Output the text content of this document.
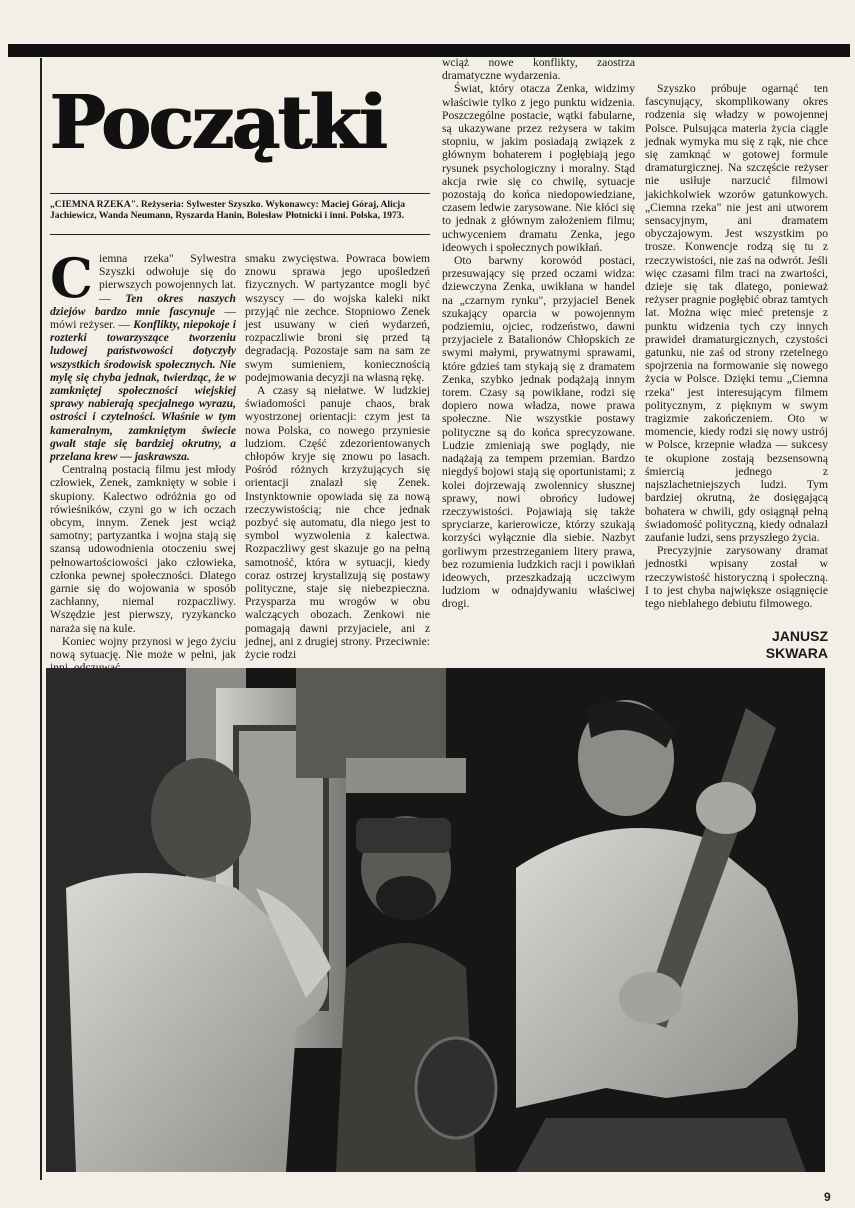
Początki
„CIEMNA RZEKA". Reżyseria: Sylwester Szyszko. Wykonawcy: Maciej Góraj, Alicja Jachiewicz, Wanda Neumann, Ryszarda Hanin, Bolesław Płotnicki i inni. Polska, 1973.

Ciemna rzeka" Sylwestra Szyszki odwołuje się do pierwszych powojennych lat. — Ten okres naszych dziejów bardzo mnie fascynuje — mówi reżyser. — Konflikty, niepokoje i rozterki towarzyszące tworzeniu ludowej państwowości dotyczyły wszystkich środowisk społecznych. Nie mylę się chyba jednak, twierdząc, że w zamkniętej społeczności wiejskiej sprawy nabierają specjalnego wyrazu, ostrości i czytelności. Właśnie w tym kameralnym, zamkniętym świecie gwałt staje się bardziej okrutny, a przelana krew — jaskrawsza.

Centralną postacią filmu jest młody człowiek, Zenek, zamknięty w sobie i skupiony. Kalectwo odróżnia go od rówieśników, czyni go w ich oczach obcym, innym. Zenek jest wciąż samotny; partyzantka i wojna stają się szansą udowodnienia otoczeniu swej pełnowartościowości jako człowieka, członka pewnej społeczności. Dlatego garnie się do wojowania w sposób zachłanny, niemal rozpaczliwy. Wszędzie jest pierwszy, ryzykancko naraża się na kule.

Koniec wojny przynosi w jego życiu nową sytuację. Nie może w pełni, jak

smaku zwycięstwa. Powraca bowiem znowu sprawa jego upośledzeń fizycznych. W partyzantce mogli być wszyscy — do wojska kaleki nikt przyjąć nie zechce. Stopniowo Zenek jest usuwany w cień wydarzeń, rozpaczliwie broni się przed tą degradacją. Pozostaje sam na sam ze swym sumieniem, koniecznością podejmowania decyzji na własną rękę.

A czasy są niełatwe. W ludzkiej świadomości panuje chaos, brak wyostrzonej orientacji: czym jest ta nowa Polska, co nowego przyniesie ludziom. Część zdezorientowanych chłopów kryje się znowu po lasach. Pośród różnych krzyżujących się orientacji znalazł się Zenek. Instynktownie opowiada się za nową rzeczywistością; nie chce jednak pozbyć się automatu, dla niego jest to symbol wyzwolenia z kalectwa. Rozpaczliwy gest skazuje go na pełną samotność, która w sytuacji, kiedy coraz ostrzej krystalizują się postawy polityczne, staje się niebezpieczna. Przysparza mu wrogów w obu walczących obozach. Zenkowi nie pomagają dawni przyjaciele, ani z jednej, ani z drugiej strony. Przeciwnie: życie rodzi

wciąż nowe konflikty, zaostrza dramatyczne wydarzenia.

Świat, który otacza Zenka, widzimy właściwie tylko z jego punktu widzenia. Poszczególne postacie, wątki fabularne, są ukazywane przez reżysera w takim stopniu, w jakim posiadają związek z głównym bohaterem i pogłębiają jego rysunek psychologiczny i moralny. Stąd akcja rwie się co chwilę, sytuacje pozostają do końca niedopowiedziane, czasem ledwie zarysowane. Nie kłóci się to jednak z głównym założeniem filmu; uchwyceniem dramatu Zenka, jego ideowych i społecznych powikłań.

Oto barwny korowód postaci, przesuwający się przed oczami widza: dziewczyna Zenka, uwikłana w handel na „czarnym rynku", przyjaciel Benek szukający oparcia w powojennym podziemiu, ojciec, rodzeństwo, dawni przyjaciele z Batalionów Chłopskich ze swymi małymi, prywatnymi sprawami, które gdzieś tam stykają się z dramatem Zenka, szybko jednak podążają innym torem. Czasy są powikłane, rodzi się dopiero nowa władza, nowe prawa społeczne. Nie wszystkie postawy polityczne są do końca sprecyzowane. Ludzie zmieniają swe poglądy, nie nadążają za tempem przemian. Bardzo niegdyś bojowi stają się oportunistami; z kolei dojrzewają zwolennicy słusznej sprawy, nowi obrońcy ludowej rzeczywistości. Pojawiają się także spryciarze, karierowicze, którzy szukają korzyści wyłącznie dla siebie. Nazbyt gorliwym przestrzeganiem litery prawa, bez rozumienia ludzkich racji i powikłań ideowych, przeszkadzają uczciwym ludziom w odnajdywaniu właściwej drogi.

Szyszko próbuje ogarnąć ten fascynujący, skomplikowany okres rodzenia się władzy w powojennej Polsce. Pulsująca materia życia ciągle jednak wymyka mu się z rąk, nie chce się zamknąć w gotowej formule dramaturgicznej. Na szczęście reżyser nie usiłuje narzucić filmowi jakichkolwiek wzorów gatunkowych. „Ciemna rzeka" nie jest ani utworem sensacyjnym, ani dramatem obyczajowym. Jest wszystkim po trosze. Konwencje rodzą się tu z rzeczywistości, nie zaś na odwrót. Jeśli więc czasami film traci na zwartości, dzieje się tak dlatego, ponieważ reżyser pragnie pogłębić obraz tamtych lat. Można więc mieć pretensje z punktu widzenia tych czy innych prawideł dramaturgicznych, czystości gatunku, nie zaś od strony rzetelnego spojrzenia na formowanie się nowego życia w Polsce. Dzięki temu „Ciemna rzeka" jest interesującym filmem politycznym, z pięknym w swym tragizmie zakończeniem. Oto w momencie, kiedy rodzi się nowy ustrój w Polsce, krzepnie władza — sukcesy te okupione zostają bezsensowną śmiercią jednego z najszlachetniejszych ludzi. Tym bardziej okrutną, że dosięgającą bohatera w chwili, gdy osiągnął pełną świadomość polityczną, kiedy odnalazł zaufanie ludzi, sens przyszłego życia.

Precyzyjnie zarysowany dramat jednostki wpisany został w rzeczywistość historyczną i społeczną. I to jest chyba największe osiągnięcie tego nieblahego debiutu filmowego.

JANUSZ
SKWARA
9
